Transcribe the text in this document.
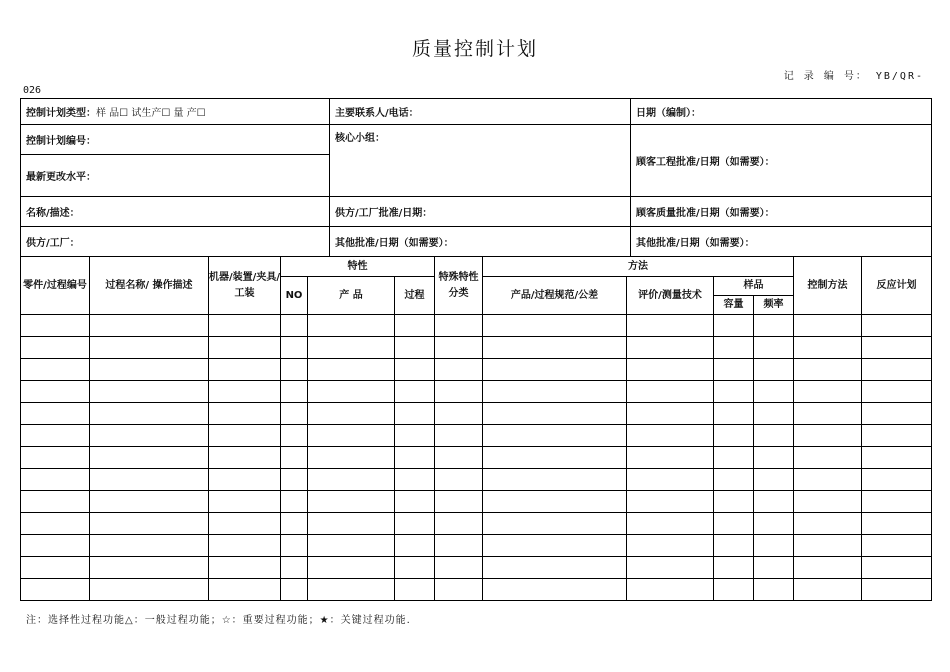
质量控制计划
记 录 编 号： YB/QR-
026
控制计划类型：样 品☐ 试生产☐ 量 产☐	主要联系人/电话：	日期（编制）：
控制计划编号：	核心小组：	顾客工程批准/日期（如需要）：
最新更改水平：		
名称/描述：	供方/工厂批准/日期：	顾客质量批准/日期（如需要）：
供方/工厂：	其他批准/日期（如需要）：	其他批准/日期（如需要）：
零件/过程编号	过程名称/ 操作描述	机器/装置/夹具/工装	特性			特殊特性分类	方法				控制方法	反应计划
			NO	产 品	过程		产品/过程规范/公差	评价/测量技术	样品			
									容量	频率		

注：选择性过程功能△：一般过程功能；☆：重要过程功能；★：关键过程功能.
